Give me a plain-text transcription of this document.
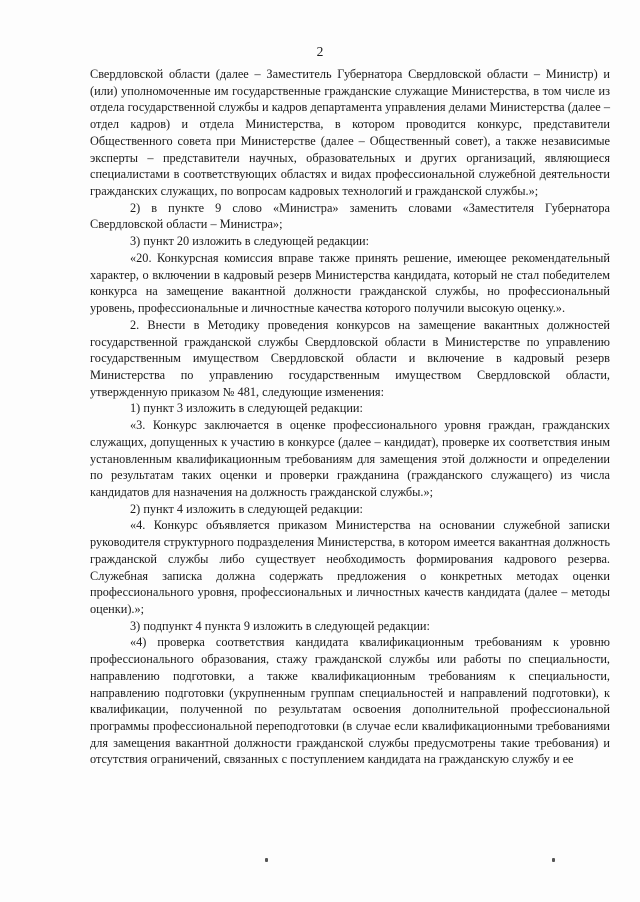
2

Свердловской области (далее – Заместитель Губернатора Свердловской области – Министр) и (или) уполномоченные им государственные гражданские служащие Министерства, в том числе из отдела государственной службы и кадров департамента управления делами Министерства (далее – отдел кадров) и отдела Министерства, в котором проводится конкурс, представители Общественного совета при Министерстве (далее – Общественный совет), а также независимые эксперты – представители научных, образовательных и других организаций, являющиеся специалистами в соответствующих областях и видах профессиональной служебной деятельности гражданских служащих, по вопросам кадровых технологий и гражданской службы.»;

2) в пункте 9 слово «Министра» заменить словами «Заместителя Губернатора Свердловской области – Министра»;

3) пункт 20 изложить в следующей редакции:

«20. Конкурсная комиссия вправе также принять решение, имеющее рекомендательный характер, о включении в кадровый резерв Министерства кандидата, который не стал победителем конкурса на замещение вакантной должности гражданской службы, но профессиональный уровень, профессиональные и личностные качества которого получили высокую оценку.».

2. Внести в Методику проведения конкурсов на замещение вакантных должностей государственной гражданской службы Свердловской области в Министерстве по управлению государственным имуществом Свердловской области и включение в кадровый резерв Министерства по управлению государственным имуществом Свердловской области, утвержденную приказом № 481, следующие изменения:

1) пункт 3 изложить в следующей редакции:

«3. Конкурс заключается в оценке профессионального уровня граждан, гражданских служащих, допущенных к участию в конкурсе (далее – кандидат), проверке их соответствия иным установленным квалификационным требованиям для замещения этой должности и определении по результатам таких оценки и проверки гражданина (гражданского служащего) из числа кандидатов для назначения на должность гражданской службы.»;

2) пункт 4 изложить в следующей редакции:

«4. Конкурс объявляется приказом Министерства на основании служебной записки руководителя структурного подразделения Министерства, в котором имеется вакантная должность гражданской службы либо существует необходимость формирования кадрового резерва. Служебная записка должна содержать предложения о конкретных методах оценки профессионального уровня, профессиональных и личностных качеств кандидата (далее – методы оценки).»;

3) подпункт 4 пункта 9 изложить в следующей редакции:

«4) проверка соответствия кандидата квалификационным требованиям к уровню профессионального образования, стажу гражданской службы или работы по специальности, направлению подготовки, а также квалификационным требованиям к специальности, направлению подготовки (укрупненным группам специальностей и направлений подготовки), к квалификации, полученной по результатам освоения дополнительной профессиональной программы профессиональной переподготовки (в случае если квалификационными требованиями для замещения вакантной должности гражданской службы предусмотрены такие требования) и отсутствия ограничений, связанных с поступлением кандидата на гражданскую службу и ее
